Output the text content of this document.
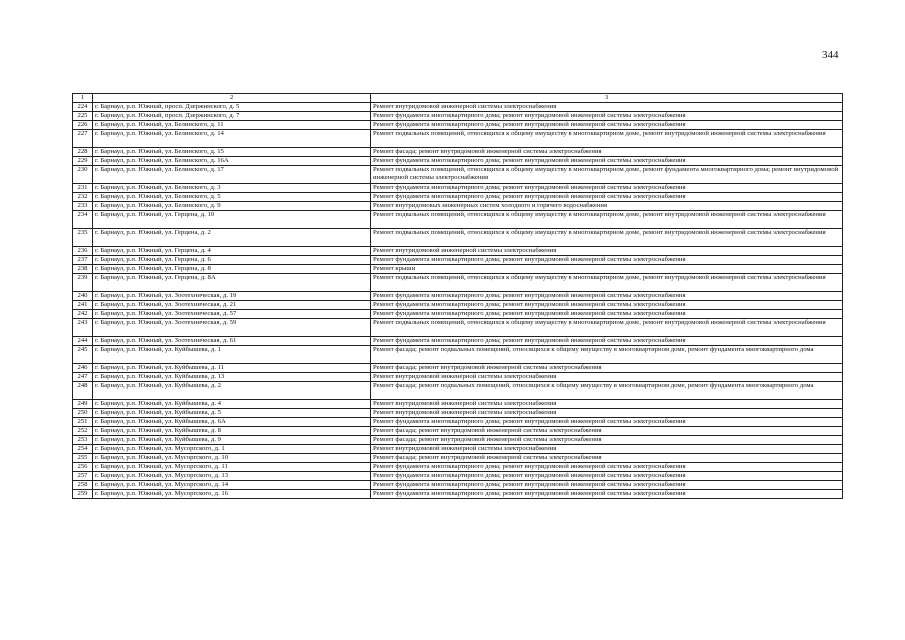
344
1	2	3
224	г. Барнаул, р.п. Южный, просп. Дзержинского, д. 5	Ремонт внутридомовой инженерной системы электроснабжения
225	г. Барнаул, р.п. Южный, просп. Дзержинского, д. 7	Ремонт фундамента многоквартирного дома; ремонт внутридомовой инженерной системы электроснабжения
226	г. Барнаул, р.п. Южный, ул. Белинского, д. 11	Ремонт фундамента многоквартирного дома; ремонт внутридомовой инженерной системы электроснабжения
227	г. Барнаул, р.п. Южный, ул. Белинского, д. 14	Ремонт подвальных помещений, относящихся к общему имуществу в многоквартирном доме, ремонт внутридомовой инженерной системы электроснабжения
228	г. Барнаул, р.п. Южный, ул. Белинского, д. 15	Ремонт фасада; ремонт внутридомовой инженерной системы электроснабжения
229	г. Барнаул, р.п. Южный, ул. Белинского, д. 16А	Ремонт фундамента многоквартирного дома; ремонт внутридомовой инженерной системы электроснабжения
230	г. Барнаул, р.п. Южный, ул. Белинского, д. 17	Ремонт подвальных помещений, относящихся к общему имуществу в многоквартирном доме, ремонт фундамента многоквартирного дома; ремонт внутридомовой инженерной системы электроснабжения
231	г. Барнаул, р.п. Южный, ул. Белинского, д. 3	Ремонт фундамента многоквартирного дома; ремонт внутридомовой инженерной системы электроснабжения
232	г. Барнаул, р.п. Южный, ул. Белинского, д. 5	Ремонт фундамента многоквартирного дома; ремонт внутридомовой инженерной системы электроснабжения
233	г. Барнаул, р.п. Южный, ул. Белинского, д. 9	Ремонт внутридомовых инженерных систем холодного и горячего водоснабжения
234	г. Барнаул, р.п. Южный, ул. Герцена, д. 10	Ремонт подвальных помещений, относящихся к общему имуществу в многоквартирном доме, ремонт внутридомовой инженерной системы электроснабжения
235	г. Барнаул, р.п. Южный, ул. Герцена, д. 2	Ремонт подвальных помещений, относящихся к общему имуществу в многоквартирном доме, ремонт внутридомовой инженерной системы электроснабжения
236	г. Барнаул, р.п. Южный, ул. Герцена, д. 4	Ремонт внутридомовой инженерной системы электроснабжения
237	г. Барнаул, р.п. Южный, ул. Герцена, д. 6	Ремонт фундамента многоквартирного дома; ремонт внутридомовой инженерной системы электроснабжения
238	г. Барнаул, р.п. Южный, ул. Герцена, д. 8	Ремонт крыши
239	г. Барнаул, р.п. Южный, ул. Герцена, д. 8А	Ремонт подвальных помещений, относящихся к общему имуществу в многоквартирном доме, ремонт внутридомовой инженерной системы электроснабжения
240	г. Барнаул, р.п. Южный, ул. Зоотехническая, д. 19	Ремонт фундамента многоквартирного дома; ремонт внутридомовой инженерной системы электроснабжения
241	г. Барнаул, р.п. Южный, ул. Зоотехническая, д. 21	Ремонт фундамента многоквартирного дома; ремонт внутридомовой инженерной системы электроснабжения
242	г. Барнаул, р.п. Южный, ул. Зоотехническая, д. 57	Ремонт фундамента многоквартирного дома; ремонт внутридомовой инженерной системы электроснабжения
243	г. Барнаул, р.п. Южный, ул. Зоотехническая, д. 59	Ремонт подвальных помещений, относящихся к общему имуществу в многоквартирном доме, ремонт внутридомовой инженерной системы электроснабжения
244	г. Барнаул, р.п. Южный, ул. Зоотехническая, д. 61	Ремонт фундамента многоквартирного дома; ремонт внутридомовой инженерной системы электроснабжения
245	г. Барнаул, р.п. Южный, ул. Куйбышева, д. 1	Ремонт фасада; ремонт подвальных помещений, относящихся к общему имуществу в многоквартирном доме, ремонт фундамента многоквартирного дома
246	г. Барнаул, р.п. Южный, ул. Куйбышева, д. 11	Ремонт фасада; ремонт внутридомовой инженерной системы электроснабжения
247	г. Барнаул, р.п. Южный, ул. Куйбышева, д. 13	Ремонт внутридомовой инженерной системы электроснабжения
248	г. Барнаул, р.п. Южный, ул. Куйбышева, д. 2	Ремонт фасада; ремонт подвальных помещений, относящихся к общему имуществу в многоквартирном доме, ремонт фундамента многоквартирного дома
249	г. Барнаул, р.п. Южный, ул. Куйбышева, д. 4	Ремонт внутридомовой инженерной системы электроснабжения
250	г. Барнаул, р.п. Южный, ул. Куйбышева, д. 5	Ремонт внутридомовой инженерной системы электроснабжения
251	г. Барнаул, р.п. Южный, ул. Куйбышева, д. 6А	Ремонт фундамента многоквартирного дома; ремонт внутридомовой инженерной системы электроснабжения
252	г. Барнаул, р.п. Южный, ул. Куйбышева, д. 8	Ремонт фасада; ремонт внутридомовой инженерной системы электроснабжения
253	г. Барнаул, р.п. Южный, ул. Куйбышева, д. 9	Ремонт фасада; ремонт внутридомовой инженерной системы электроснабжения
254	г. Барнаул, р.п. Южный, ул. Мусоргского, д. 1	Ремонт внутридомовой инженерной системы электроснабжения
255	г. Барнаул, р.п. Южный, ул. Мусоргского, д. 10	Ремонт фасада; ремонт внутридомовой инженерной системы электроснабжения
256	г. Барнаул, р.п. Южный, ул. Мусоргского, д. 11	Ремонт фундамента многоквартирного дома; ремонт внутридомовой инженерной системы электроснабжения
257	г. Барнаул, р.п. Южный, ул. Мусоргского, д. 13	Ремонт фундамента многоквартирного дома; ремонт внутридомовой инженерной системы электроснабжения
258	г. Барнаул, р.п. Южный, ул. Мусоргского, д. 14	Ремонт фундамента многоквартирного дома; ремонт внутридомовой инженерной системы электроснабжения
259	г. Барнаул, р.п. Южный, ул. Мусоргского, д. 16	Ремонт фундамента многоквартирного дома; ремонт внутридомовой инженерной системы электроснабжения
